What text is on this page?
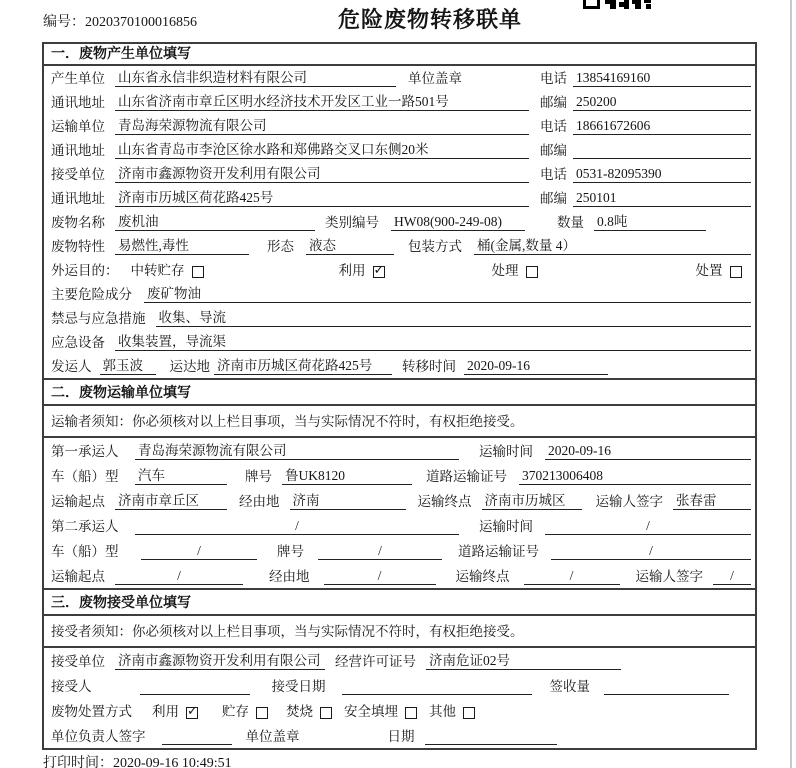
编号：2020370100016856	危险废物转移联单
一．废物产生单位填写
产生单位 山东省永信非织造材料有限公司	单位盖章	电话 13854169160
通讯地址 山东省济南市章丘区明水经济技术开发区工业一路501号	邮编 250200
运输单位 青岛海荣源物流有限公司	电话 18661672606
通讯地址 山东省青岛市李沧区徐水路和郑佛路交叉口东侧20米	邮编
接受单位 济南市鑫源物资开发利用有限公司	电话 0531-82095390
通讯地址 济南市历城区荷花路425号	邮编 250101
废物名称 废机油	类别编号 HW08(900-249-08)	数量 0.8吨
废物特性 易燃性,毒性	形态 液态	包装方式 桶(金属,数量 4）
外运目的： 中转贮存	利用 ✓	处理	处置
主要危险成分 废矿物油
禁忌与应急措施 收集、导流
应急设备 收集装置，导流渠
发运人 郭玉波	运达地 济南市历城区荷花路425号	转移时间 2020-09-16
二．废物运输单位填写
运输者须知：你必须核对以上栏目事项，当与实际情况不符时，有权拒绝接受。
第一承运人	青岛海荣源物流有限公司	运输时间 2020-09-16
车（船）型	汽车	牌号 鲁UK8120	道路运输证号 370213006408
运输起点 济南市章丘区	经由地 济南	运输终点 济南市历城区	运输人签字 张春雷
第二承运人	/	运输时间	/
车（船）型	/	牌号	/	道路运输证号	/
运输起点	/	经由地	/	运输终点	/	运输人签字	/
三．废物接受单位填写
接受者须知：你必须核对以上栏目事项，当与实际情况不符时，有权拒绝接受。
接受单位 济南市鑫源物资开发利用有限公司	经营许可证号 济南危证02号
接受人	接受日期	签收量
废物处置方式 利用 ✓	贮存	焚烧 安全填埋 其他
单位负责人签字	单位盖章	日期
打印时间：2020-09-16 10:49:51
